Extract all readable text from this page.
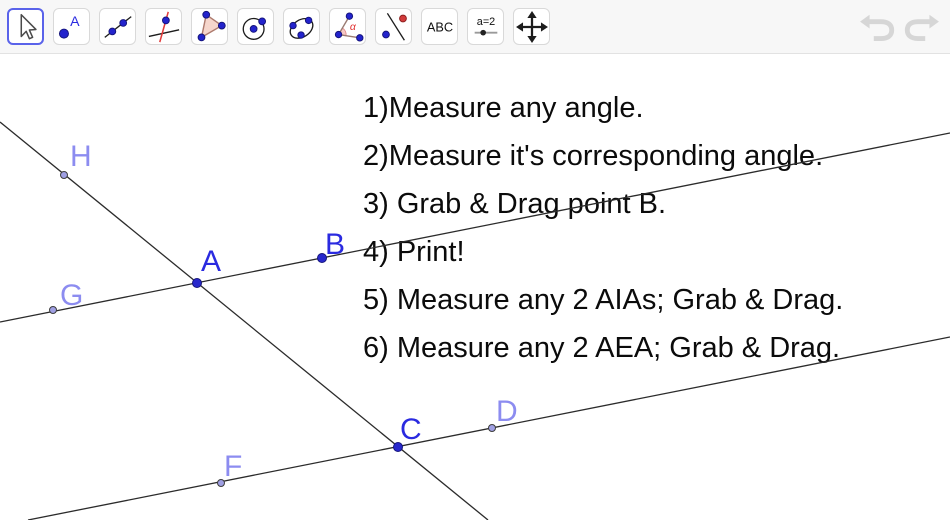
A	α	ABC a=2
1)Measure any angle.
2)Measure it's corresponding angle.
3) Grab & Drag point B.
4) Print!
5) Measure any 2 AIAs; Grab & Drag.
6) Measure any 2 AEA; Grab & Drag.
H
G
A
B
C
D
F
